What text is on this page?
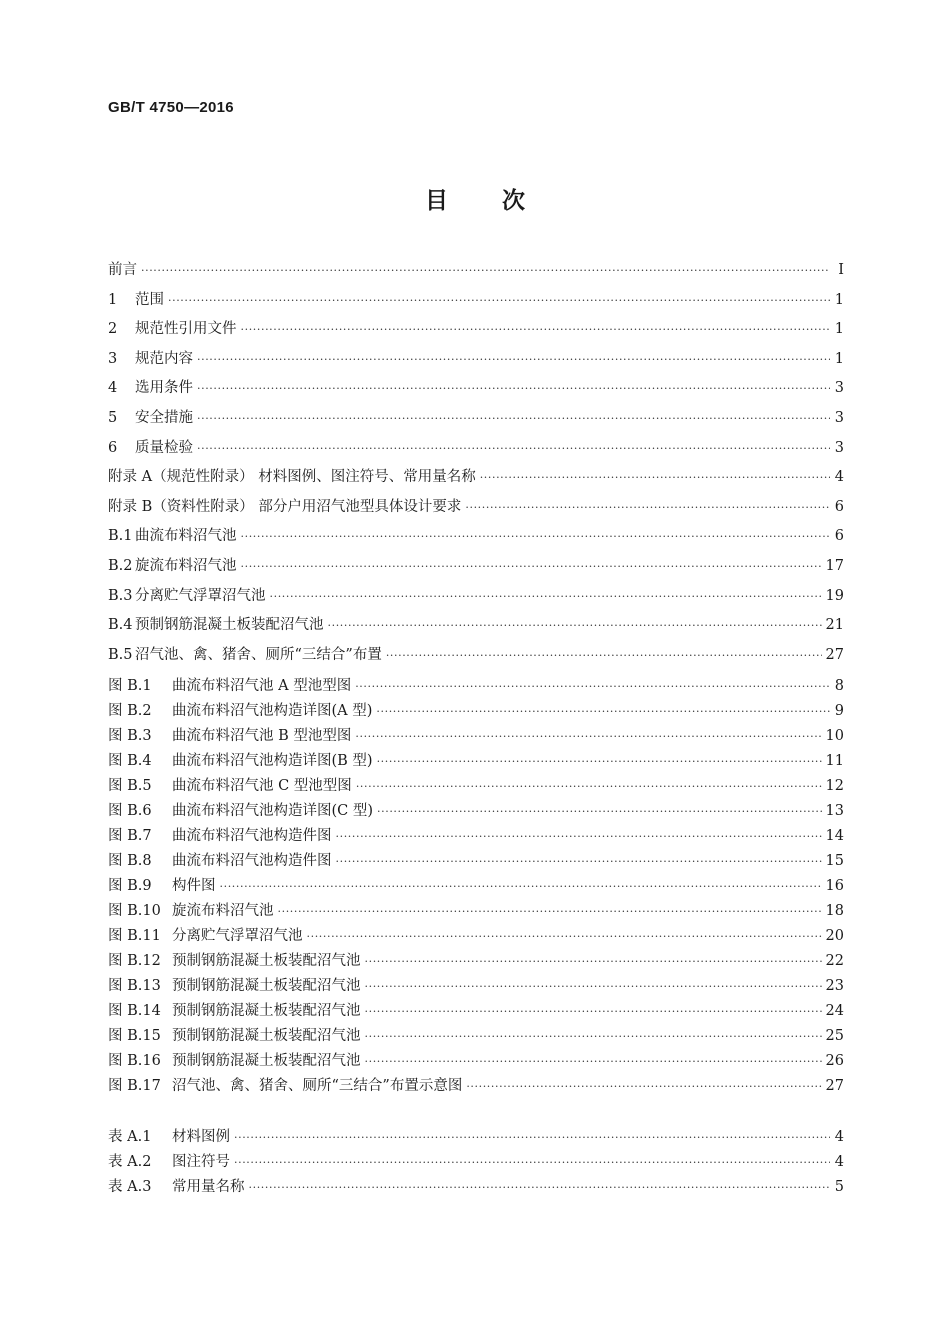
GB/T 4750—2016
目 次
前言 ·····	Ⅰ
1 范围 ·····	1
2 规范性引用文件 ·····	1
3 规范内容 ·····	1
4 选用条件 ·····	3
5 安全措施 ·····	3
6 质量检验 ·····	3
附录 A（规范性附录） 材料图例、图注符号、常用量名称 ·····	4
附录 B（资料性附录） 部分户用沼气池型具体设计要求 ·····	6
B.1 曲流布料沼气池 ·····	6
B.2 旋流布料沼气池 ·····	17
B.3 分离贮气浮罩沼气池 ·····	19
B.4 预制钢筋混凝土板装配沼气池 ·····	21
B.5 沼气池、禽、猪舍、厕所“三结合”布置 ·····	27
图 B.1 曲流布料沼气池 A 型池型图 ·····	8
图 B.2 曲流布料沼气池构造详图(A 型) ·····	9
图 B.3 曲流布料沼气池 B 型池型图 ·····	10
图 B.4 曲流布料沼气池构造详图(B 型) ·····	11
图 B.5 曲流布料沼气池 C 型池型图 ·····	12
图 B.6 曲流布料沼气池构造详图(C 型) ·····	13
图 B.7 曲流布料沼气池构造件图 ·····	14
图 B.8 曲流布料沼气池构造件图 ·····	15
图 B.9 构件图 ·····	16
图 B.10 旋流布料沼气池 ·····	18
图 B.11 分离贮气浮罩沼气池 ·····	20
图 B.12 预制钢筋混凝土板装配沼气池 ·····	22
图 B.13 预制钢筋混凝土板装配沼气池 ·····	23
图 B.14 预制钢筋混凝土板装配沼气池 ·····	24
图 B.15 预制钢筋混凝土板装配沼气池 ·····	25
图 B.16 预制钢筋混凝土板装配沼气池 ·····	26
图 B.17 沼气池、禽、猪舍、厕所“三结合”布置示意图 ·····	27
表 A.1 材料图例 ·····	4
表 A.2 图注符号 ·····	4
表 A.3 常用量名称 ·····	5
